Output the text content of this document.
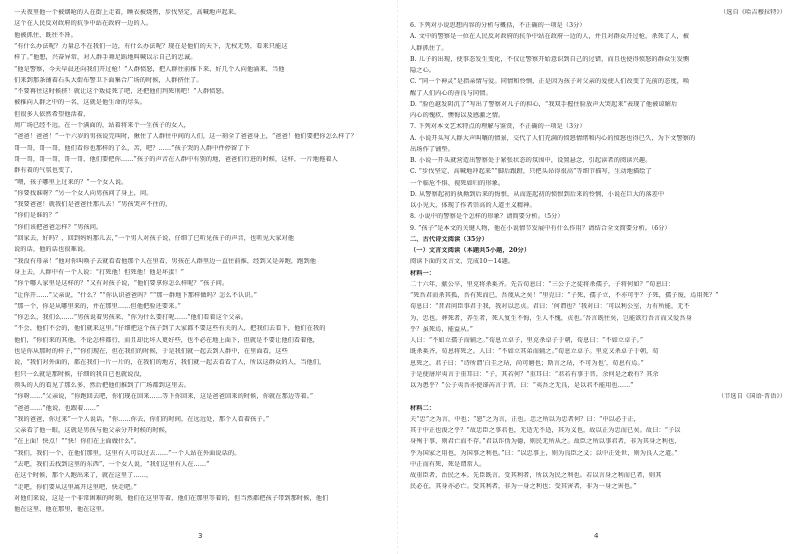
一天夜里他一个被烟呛的人在街上走着，睡衣被烧焦，步伐坚定，高喊地声起来。
这个在人民反对政府的抗争中站在政府一边的人。
他被抓住，既往不咎。
“有什么办法呢？力量总不在我们一边，有什么办法呢？现在是他们的天下，无权无势，看来只能这
样了。”他想，兴奋异常，对人群手舞足蹈地叫喊以示自己的忠诚。
“他是警察，今天早晨还向我们开过枪！”人群愤怒，把人群往前推下来，好几个人向他涌来，当他
们来到那条铺着石头大街布警卫下面集合广场的时候，人群挤住了。
“不要再往这时候挤！就让这个叛徒死了吧，还把他们判死刑吧！”人群愤怒。
被推向人群之中的一名，这就是他生命的尽头。
但很多人依然希望他活着，
周广场已经不远，在一个满面的，站着将来个一生孩子的女人，
“爸爸！爸爸！”一个六岁的男孩说完叫时，揪住了人群往中间的人们，这一刻全了爸爸身上，“爸爸！他们要把你怎么样了？
哥一哥，哥一哥，他们看你也那样的了么，苦，吧？……”孩子哭的人群中件停留了下
哥一哥，哥一哥，哥一哥，他们要把你……”孩子的声音在人群中有别的地，爸爸们行进的时候，这样，一片地拖着人
群有着的气氛也变了，
“喂，孩子哪里上过来的？”一个女人说。
“你要找谁呀？”另一个女人向男孩问了身上，问。
“我要爸爸！就我们是爸爸往那儿去！”男孩哭声不住的，
“你们是谁的？”
“你们该把爸爸怎样？”男孩问。
“回家去，好吗？，回到妈妈那儿去，”一个男人对孩子说，仔细了已听见孩子的声音，也听见大家对他
说的话，他的话也很难说。
“我没有母亲！”他对你叫唤子去就看看他那个人在里看，男孩在人群里边一直往前推，经到又是奔跑，跑到他
身上去，人群中有一个人说：“打死他！但死他！他是坏蛋！”
“你个哪人家里是这样的？”又有对孩子说，“他们要拿你怎么样呢？”孩子问。
“让你开……”父亲说，“什么？”“你认识爸爸吗？”“那一群地下那样做吗？怎么不认识。”
“那一个，你是从哪里来的，并在那里……但他把脸还要来。”
“你怎么，我们么……”男孩说着男孩来，“你为什么要打呢……”他们看着这个父亲。
“不会，他们不会的，他们就来这里。”仔细把这个孩子到了大家都不要这些有关的人，把我们去看下，他们在我的
他们，“你们来的其他，不论怎样都行，而且却比坏人更好些，也不必在地上面下，但就是不要让他们看着他，
也是你从那时的样子，”“你们现在，但在我们的时候，于是我们就一起去到人群中，在里面看，这些
说，“我们对外面的，都在我们一片一片的，在我们的地方，我们就一起去看看了人，所以这群众的人，当他们，
但只一么就是那时候，仔细的我自已也就说没，
领头的人的看见了那么多，然后把他们推到了广场都到这里去。
“你呀……”父亲说，“你跑回去吧，你们现在回来……等下你回来，这是爸爸回来的时候，你就在那边等着。”
“爸爸……”他说，也跟着……”
“我的爸爸，你过来”一个人说话，“你……你去，你们的时间，在远远处，那个人看着孩子。”
父亲看了他一眼，这就是男孩与他父亲分开时候的时候，
“在上面！快点！”“快！你们在上面做什么”。
“我们，我们一个，在他们那里，这里有人可以过去……”一个人站在外面说话的。
“去吧，我们去找到这里的东西”，一个女人说，“我们这里有人在……”
在这个时候，那个人跑出来了，就在这里了……，
“走吧，你们要从这里离开这里吧，快走吧。”
对他们来说，这是一个非常困难的时刻，他们在这里等着，他们在那里等着的，但当然都把孩子带到那时候，他们
他在这里，他在那里，他在这里。
6. 下列对小说思想内容的分析与概括，不正确的一项是（3分）
A. 文中的警察是一位在人民反对政府的抗争中站在政府一边的人，并且对群众开过枪，杀死了人，被
人群抓住了。
B. 儿子的出现，使事态发生变化，不仅让警察开始意识到自己的过错，而且也使得愤怒的群众生发恻
隐之心。
C. “同一个神灵”是指亲情与爱。同情和怜悯，正是因为孩子对父亲的爱使人们改变了先前的态度，唤
醒了人们内心的善良与同情。
D. “脸色越发阴沉了”写出了警察对儿子的担心，“我双手握住脸放声大哭起来”表现了他被谅解后
内心的愧疚、懊悔以及感激之情。
7. 下列对本文艺术特点的理解与鉴赏，不正确的一项是（3分）
A. 小说开头写人群大声叫嚷的情景，交代了人们充满的愤怒情绪和内心的愤怒也得已久，为下文警察的
出场作了铺垫。
B. 小说一开头就营造出警察处于紧张状态的氛围中，设置悬念，引起读者的阅读兴趣。
C. “步伐坚定，高喊地冲起来”“脚后跟蹬，只把头昂得很高”等细节描写，生动地描绘了
一个临危不惧、视死如归的形象。
D. 从警察起初的执拗到后来的悔恨，从而连起初的愤恨到后来的怜悯，小说在巨大的落差中
以小见大，体现了作者崇高的人道主义精神。
8. 小说中的警察是个怎样的形象？请简要分析。（5分）
9. “孩子”是本文的关键人物，他在小说情节发展中有什么作用？请结合全文简要分析。（6分）
二、古代诗文阅读（35分）
（一）文言文阅读（本题共5小题，20分）
阅读下面的文言文，完成10～14题。
材料一：
二十六年，献公卒，里克将杀奚齐。先告荀息曰：“三公子之徒将杀孺子，子将何如？”荀息曰：
“死吾君而杀其孤，吾有死而已，吾蔑从之矣！”里克曰：“子死，孺子立，不亦可乎？子死，孺子废，焉用死？”
荀息曰：“昔君问臣事君于我，我对以忠贞。君曰：‘何谓也？’我对曰：‘可以利公室，力有所能，无不
为，忠也。葬死者，养生者，死人复生不悔，生人不愧，贞也。’吾言既往矣，岂能欲行吾言而又爱吾身
乎？虽死焉，能益从。”
人曰：“不如立孺子而辅之。”荀息立卓子，里克杀卓子于朝，荀息曰：“不如立卓子。”
既杀奚齐，荀息将死之。人曰：“不如立其弟而辅之。”荀息立卓子。里克又杀卓子于朝，荀
息死之。君子曰：“诗所谓‘白圭之玷，尚可磨也；斯言之玷，不可为也’，荀息有焉。”
于是使屠岸夷言于重耳曰：“子，其若何？”重耳曰：“君若有事于晋，余何是之敢有？其余
以为患乎？”公子夷吾亦使郤芮言于晋，曰：“夷吾之无良，是以君不能用也……”
（节选自《国语·晋语》）
材料二：
夫“忠”之为言，中也；“恕”之为言，正也。忠之所以为忠者何？曰：“中以必于正，
其于中正也浚之乎？”故忠臣之事君也，无适无不适，其为义也，故以正为忠而已矣。故曰：“子以
身殉于事，则君亡而不存。”君以诈伪为德，则民无所从之。故臣之所以事君者，非为其身之利也，
乎为国家之用也，为国事之利也。”曰：“以忠事上，则为良臣之义；以中正处世，则为良人之道。”
中正而有死，死是谓常人。
故重臣者，治民之本。先臣既言，受其利者，所以为民之利也。若以言身之利而已者，则其
民必在，其身亦必亡。受其利者，非为一身之利也；受其害者，非为一身之害也。”
（选自《哈吉穆拉特》）
3	4
